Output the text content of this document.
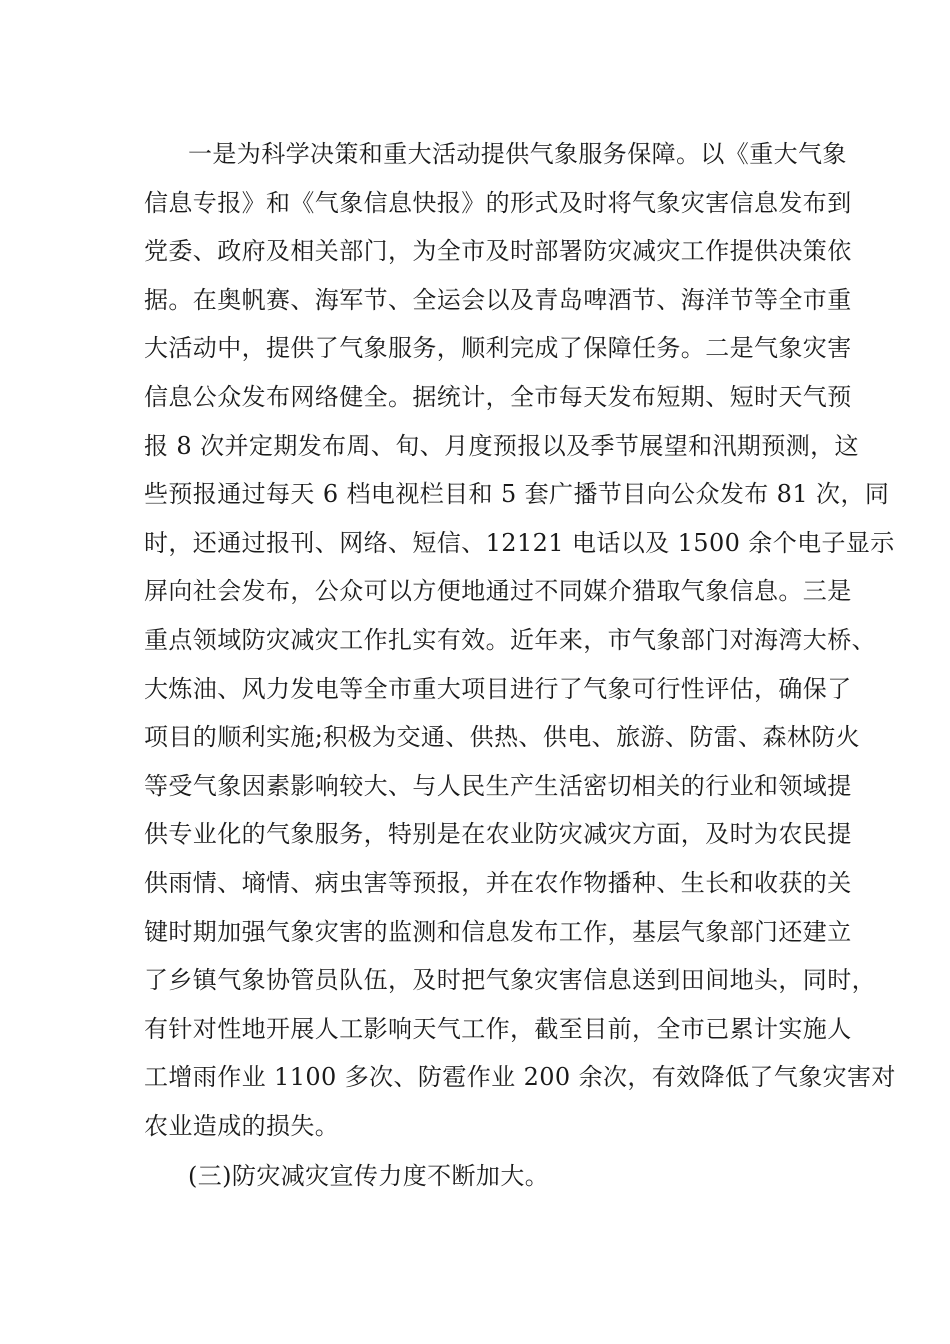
一是为科学决策和重大活动提供气象服务保障。以《重大气象
信息专报》和《气象信息快报》的形式及时将气象灾害信息发布到
党委、政府及相关部门，为全市及时部署防灾减灾工作提供决策依
据。在奥帆赛、海军节、全运会以及青岛啤酒节、海洋节等全市重
大活动中，提供了气象服务，顺利完成了保障任务。二是气象灾害
信息公众发布网络健全。据统计，全市每天发布短期、短时天气预
报 8 次并定期发布周、旬、月度预报以及季节展望和汛期预测，这
些预报通过每天 6 档电视栏目和 5 套广播节目向公众发布 81 次，同
时，还通过报刊、网络、短信、12121 电话以及 1500 余个电子显示
屏向社会发布，公众可以方便地通过不同媒介猎取气象信息。三是
重点领域防灾减灾工作扎实有效。近年来，市气象部门对海湾大桥、
大炼油、风力发电等全市重大项目进行了气象可行性评估，确保了
项目的顺利实施;积极为交通、供热、供电、旅游、防雷、森林防火
等受气象因素影响较大、与人民生产生活密切相关的行业和领域提
供专业化的气象服务，特别是在农业防灾减灾方面，及时为农民提
供雨情、墒情、病虫害等预报，并在农作物播种、生长和收获的关
键时期加强气象灾害的监测和信息发布工作，基层气象部门还建立
了乡镇气象协管员队伍，及时把气象灾害信息送到田间地头，同时，
有针对性地开展人工影响天气工作，截至目前，全市已累计实施人
工增雨作业 1100 多次、防雹作业 200 余次，有效降低了气象灾害对
农业造成的损失。
(三)防灾减灾宣传力度不断加大。
